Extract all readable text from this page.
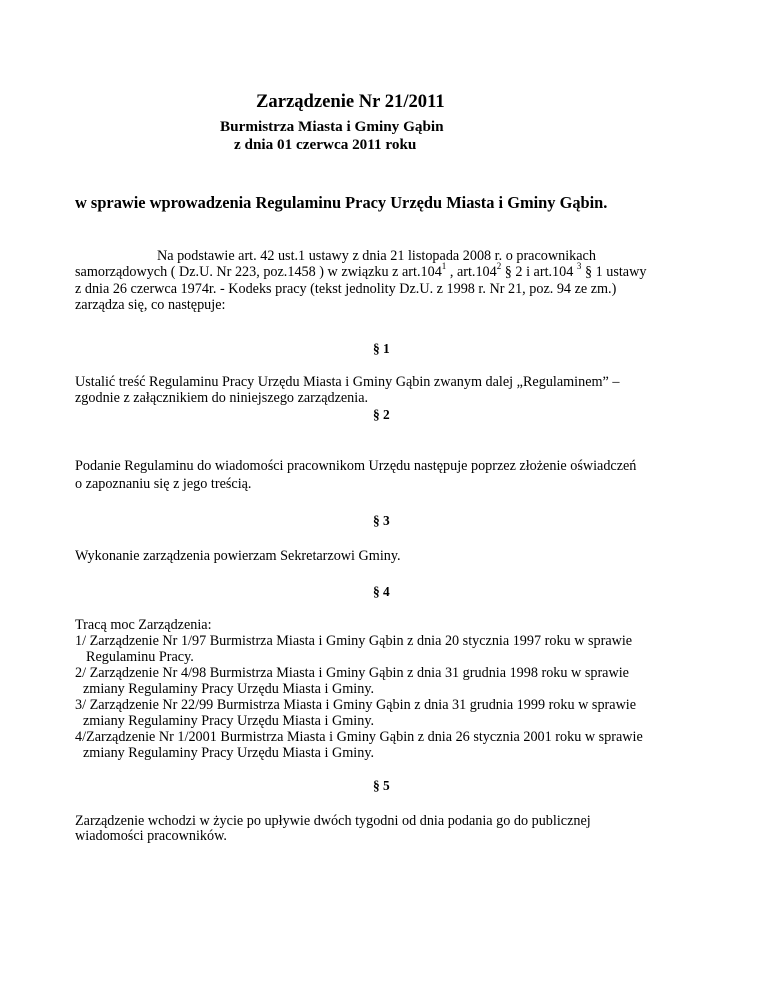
Zarządzenie Nr 21/2011
Burmistrza Miasta i Gminy Gąbin
z dnia 01 czerwca 2011 roku
w sprawie wprowadzenia Regulaminu Pracy Urzędu Miasta i Gminy Gąbin.
Na podstawie art. 42 ust.1 ustawy z dnia 21 listopada 2008 r. o pracownikach
samorządowych ( Dz.U. Nr 223, poz.1458 ) w związku z art.104$^1$ , art.104$^2$ § 2 i art.104 $^3$ § 1 ustawy
z dnia 26 czerwca 1974r. - Kodeks pracy (tekst jednolity Dz.U. z 1998 r. Nr 21, poz. 94 ze zm.)
zarządza się, co następuje:
§ 1
Ustalić treść Regulaminu Pracy Urzędu Miasta i Gminy Gąbin zwanym dalej „Regulaminem” –
zgodnie z załącznikiem do niniejszego zarządzenia.
§ 2
Podanie Regulaminu do wiadomości pracownikom Urzędu następuje poprzez złożenie oświadczeń
o zapoznaniu się z jego treścią.
§ 3
Wykonanie zarządzenia powierzam Sekretarzowi Gminy.
§ 4
Tracą moc Zarządzenia:
1/ Zarządzenie Nr 1/97 Burmistrza Miasta i Gminy Gąbin z dnia 20 stycznia 1997 roku w sprawie
Regulaminu Pracy.
2/ Zarządzenie Nr 4/98 Burmistrza Miasta i Gminy Gąbin z dnia 31 grudnia 1998 roku w sprawie
zmiany Regulaminy Pracy Urzędu Miasta i Gminy.
3/ Zarządzenie Nr 22/99 Burmistrza Miasta i Gminy Gąbin z dnia 31 grudnia 1999 roku w sprawie
zmiany Regulaminy Pracy Urzędu Miasta i Gminy.
4/Zarządzenie Nr 1/2001 Burmistrza Miasta i Gminy Gąbin z dnia 26 stycznia 2001 roku w sprawie
zmiany Regulaminy Pracy Urzędu Miasta i Gminy.
§ 5
Zarządzenie wchodzi w życie po upływie dwóch tygodni od dnia podania go do publicznej
wiadomości pracowników.
